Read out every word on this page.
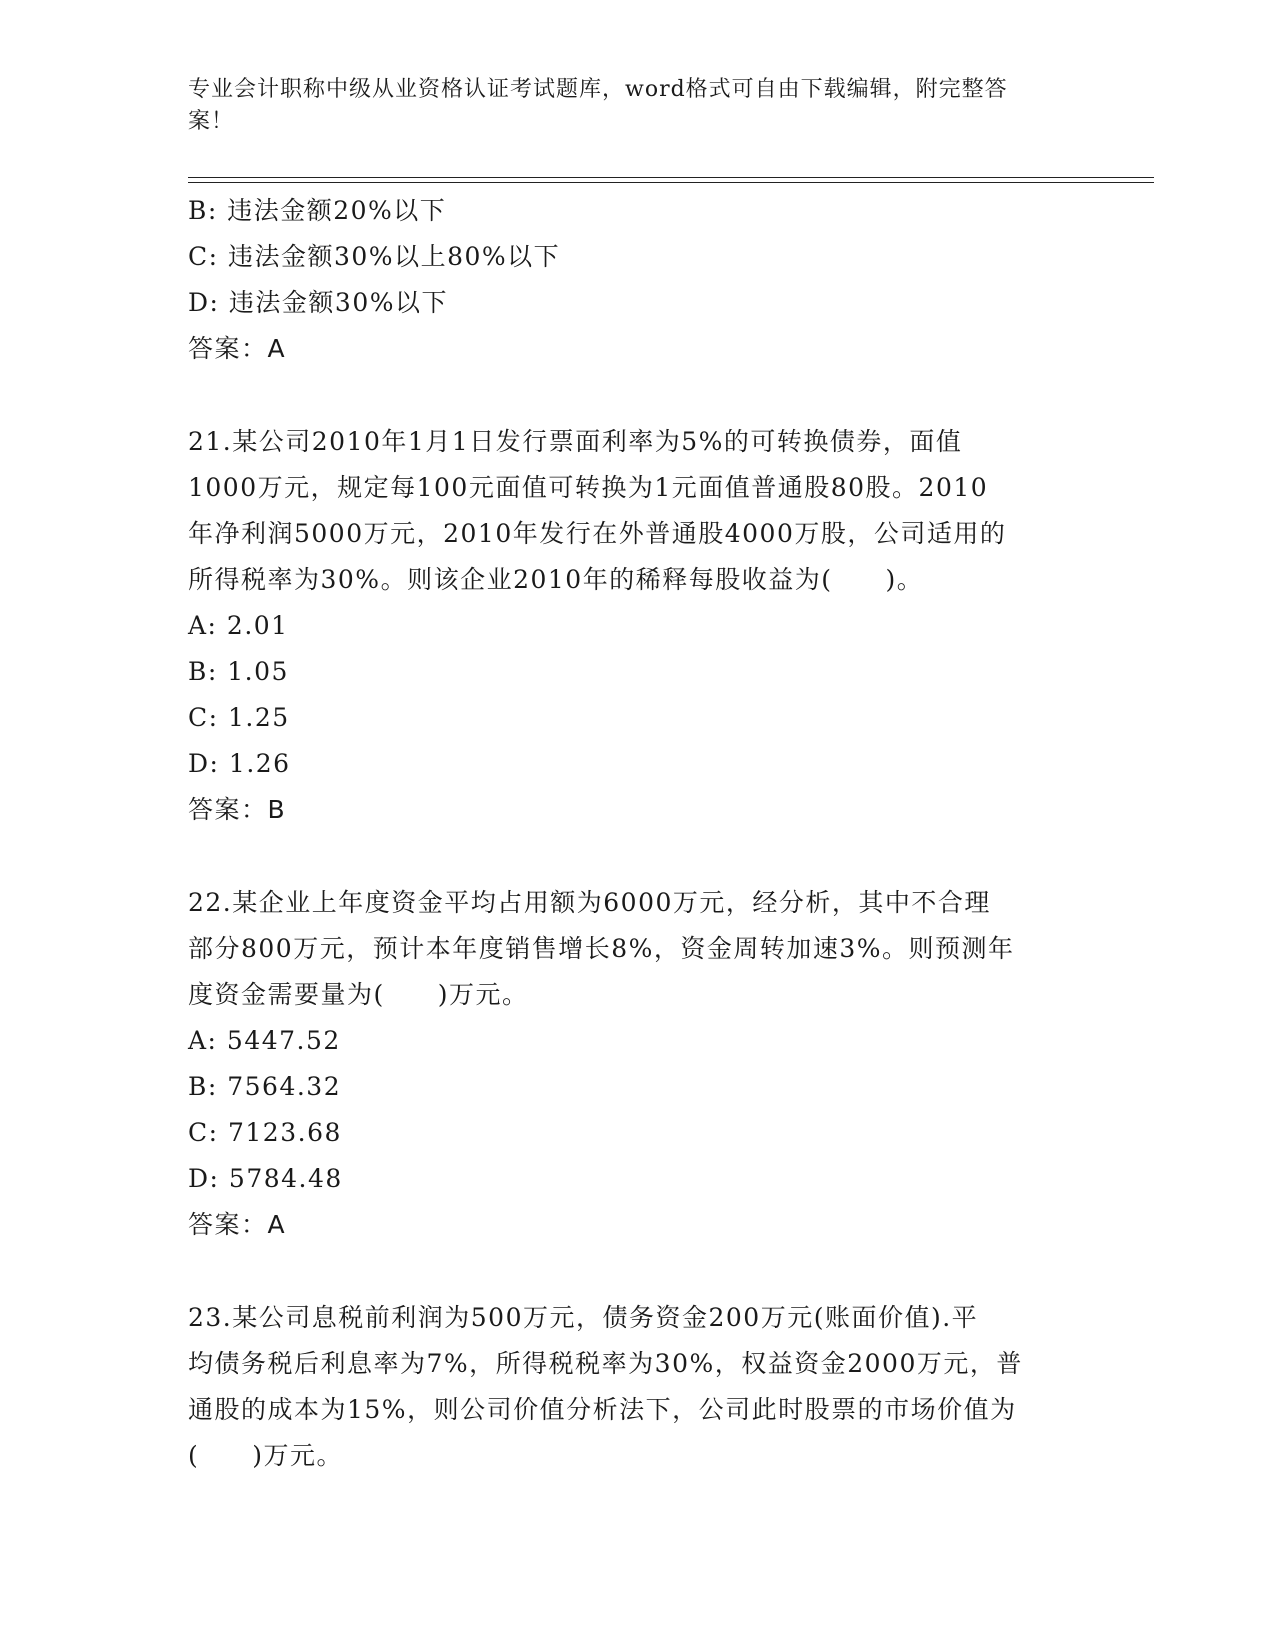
专业会计职称中级从业资格认证考试题库，word格式可自由下载编辑，附完整答
案！
B: 违法金额20%以下
C: 违法金额30%以上80%以下
D: 违法金额30%以下
答案：A
21.某公司2010年1月1日发行票面利率为5%的可转换债券，面值
1000万元，规定每100元面值可转换为1元面值普通股80股。2010
年净利润5000万元，2010年发行在外普通股4000万股，公司适用的
所得税率为30%。则该企业2010年的稀释每股收益为(　　)。
A: 2.01
B: 1.05
C: 1.25
D: 1.26
答案：B
22.某企业上年度资金平均占用额为6000万元，经分析，其中不合理
部分800万元，预计本年度销售增长8%，资金周转加速3%。则预测年
度资金需要量为(　　)万元。
A: 5447.52
B: 7564.32
C: 7123.68
D: 5784.48
答案：A
23.某公司息税前利润为500万元，债务资金200万元(账面价值).平
均债务税后利息率为7%，所得税税率为30%，权益资金2000万元，普
通股的成本为15%，则公司价值分析法下，公司此时股票的市场价值为
(　　)万元。
